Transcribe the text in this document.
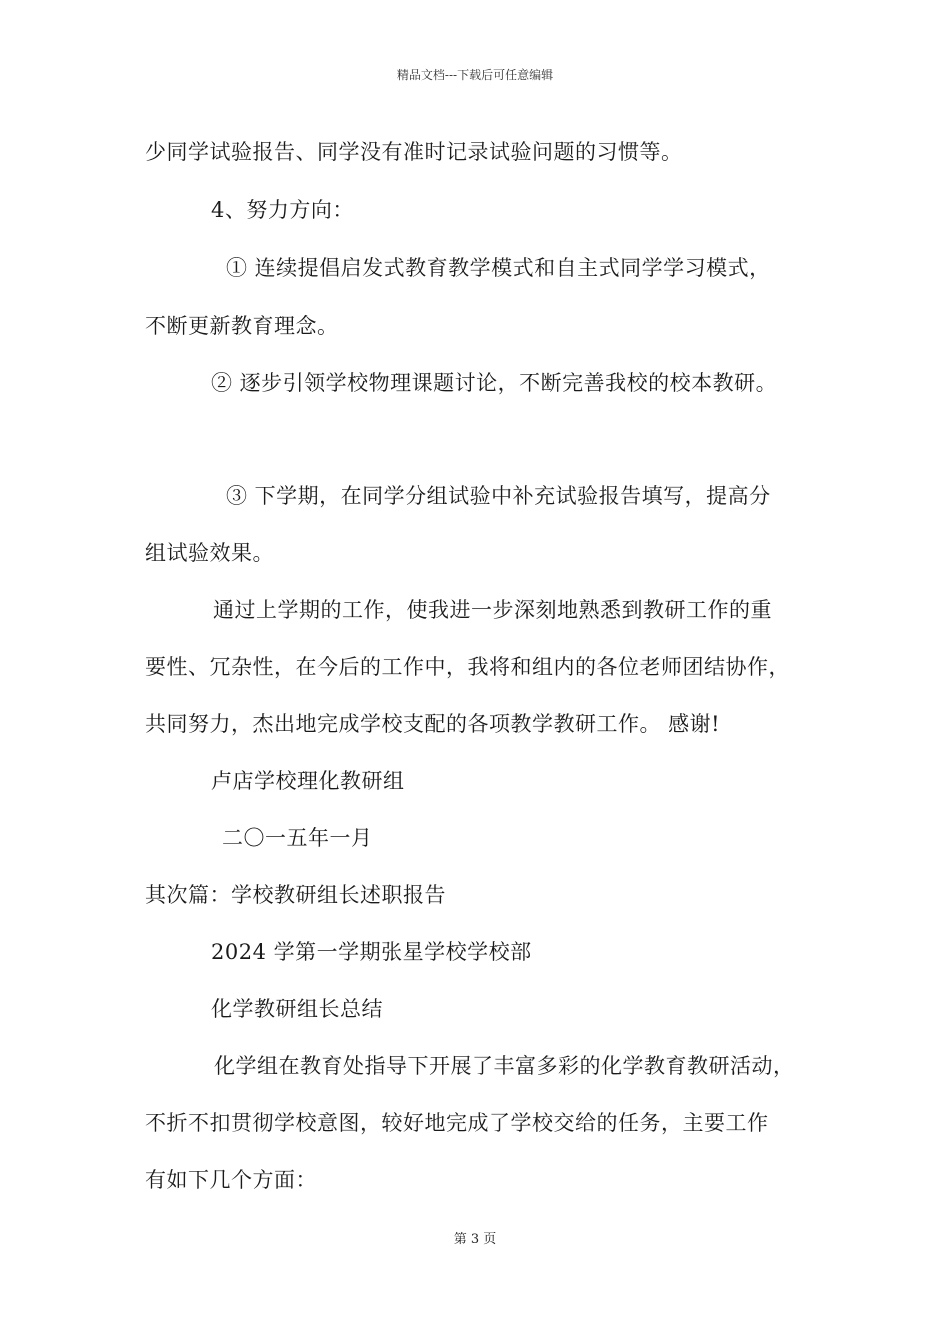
精品文档---下载后可任意编辑
少同学试验报告、同学没有准时记录试验问题的习惯等。
4、努力方向：
① 连续提倡启发式教育教学模式和自主式同学学习模式，
不断更新教育理念。
② 逐步引领学校物理课题讨论，不断完善我校的校本教研。
③ 下学期，在同学分组试验中补充试验报告填写，提高分
组试验效果。
通过上学期的工作，使我进一步深刻地熟悉到教研工作的重
要性、冗杂性，在今后的工作中，我将和组内的各位老师团结协作，
共同努力，杰出地完成学校支配的各项教学教研工作。 感谢!
卢店学校理化教研组
二〇一五年一月
其次篇：学校教研组长述职报告
2024 学第一学期张星学校学校部
化学教研组长总结
化学组在教育处指导下开展了丰富多彩的化学教育教研活动，
不折不扣贯彻学校意图，较好地完成了学校交给的任务，主要工作
有如下几个方面：
第 3 页
